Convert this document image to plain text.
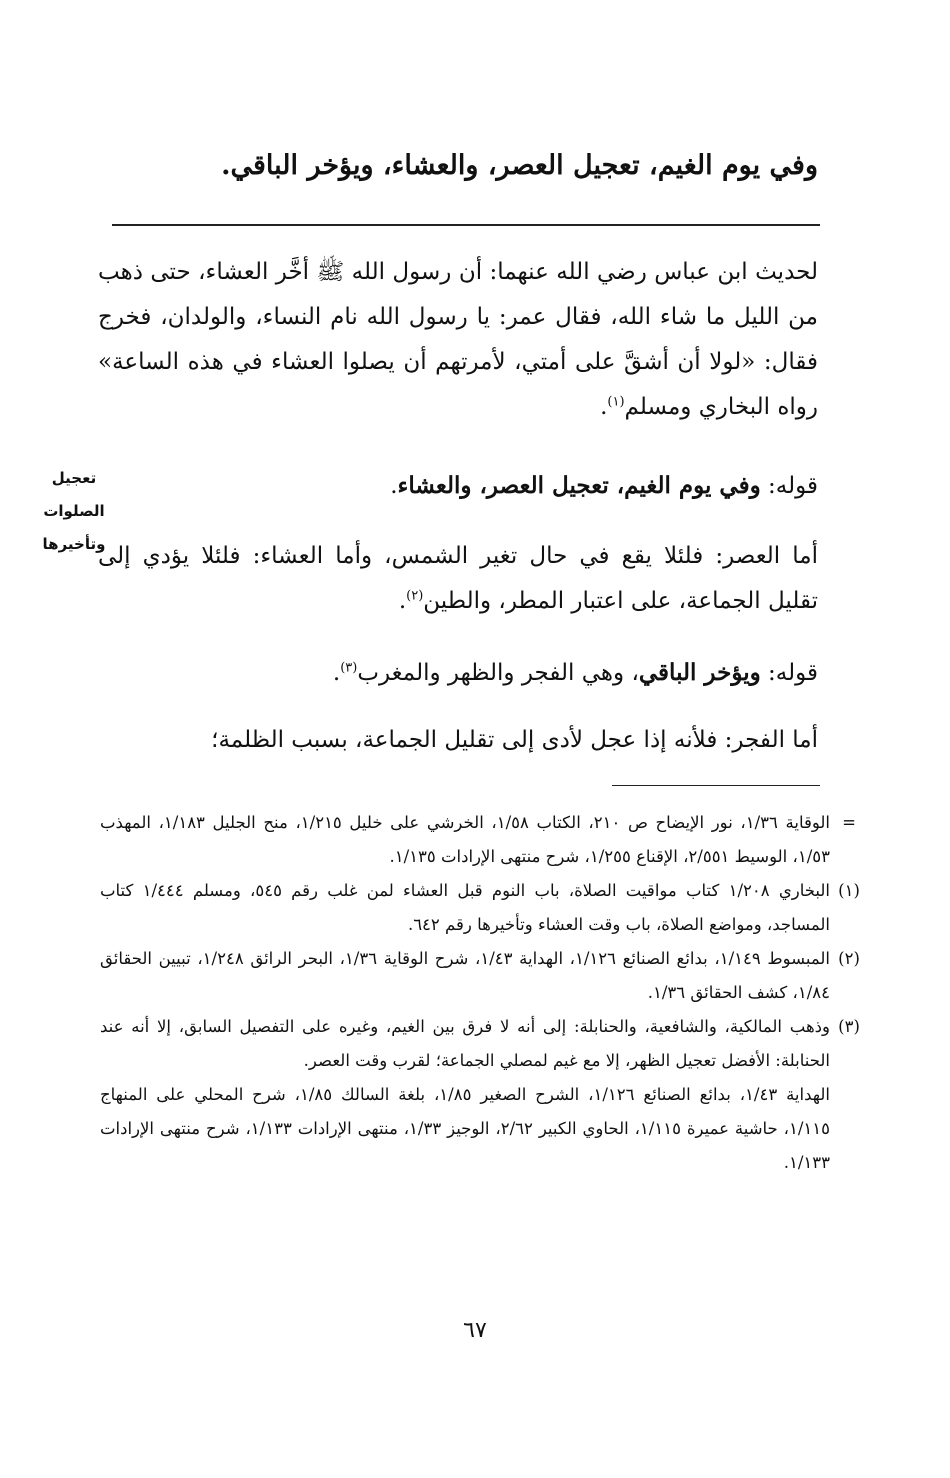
وفي يوم الغيم، تعجيل العصر، والعشاء، ويؤخر الباقي.
لحديث ابن عباس رضي الله عنهما: أن رسول الله ﷺ أخَّر العشاء، حتى ذهب من الليل ما شاء الله، فقال عمر: يا رسول الله نام النساء، والولدان، فخرج فقال: «لولا أن أشقَّ على أمتي، لأمرتهم أن يصلوا العشاء في هذه الساعة» رواه البخاري ومسلم$^{(١)}$.
قوله: وفي يوم الغيم، تعجيل العصر، والعشاء.
تعجيل
الصلوات
وتأخيرها
أما العصر: فلئلا يقع في حال تغير الشمس، وأما العشاء: فلئلا يؤدي إلى تقليل الجماعة، على اعتبار المطر، والطين$^{(٢)}$.
قوله: ويؤخر الباقي، وهي الفجر والظهر والمغرب$^{(٣)}$.
أما الفجر: فلأنه إذا عجل لأدى إلى تقليل الجماعة، بسبب الظلمة؛
=
الوقاية ١/٣٦، نور الإيضاح ص ٢١٠، الكتاب ١/٥٨، الخرشي على خليل ١/٢١٥، منح الجليل ١/١٨٣، المهذب ١/٥٣، الوسيط ٢/٥٥١، الإقناع ١/٢٥٥، شرح منتهى الإرادات ١/١٣٥.
(١)
البخاري ١/٢٠٨ كتاب مواقيت الصلاة، باب النوم قبل العشاء لمن غلب رقم ٥٤٥، ومسلم ١/٤٤٤ كتاب المساجد، ومواضع الصلاة، باب وقت العشاء وتأخيرها رقم ٦٤٢.
(٢)
المبسوط ١/١٤٩، بدائع الصنائع ١/١٢٦، الهداية ١/٤٣، شرح الوقاية ١/٣٦، البحر الرائق ١/٢٤٨، تبيين الحقائق ١/٨٤، كشف الحقائق ١/٣٦.
(٣)
وذهب المالكية، والشافعية، والحنابلة: إلى أنه لا فرق بين الغيم، وغيره على التفصيل السابق، إلا أنه عند الحنابلة: الأفضل تعجيل الظهر، إلا مع غيم لمصلي الجماعة؛ لقرب وقت العصر.
الهداية ١/٤٣، بدائع الصنائع ١/١٢٦، الشرح الصغير ١/٨٥، بلغة السالك ١/٨٥، شرح المحلي على المنهاج ١/١١٥، حاشية عميرة ١/١١٥، الحاوي الكبير ٢/٦٢، الوجيز ١/٣٣، منتهى الإرادات ١/١٣٣، شرح منتهى الإرادات ١/١٣٣.
٦٧
